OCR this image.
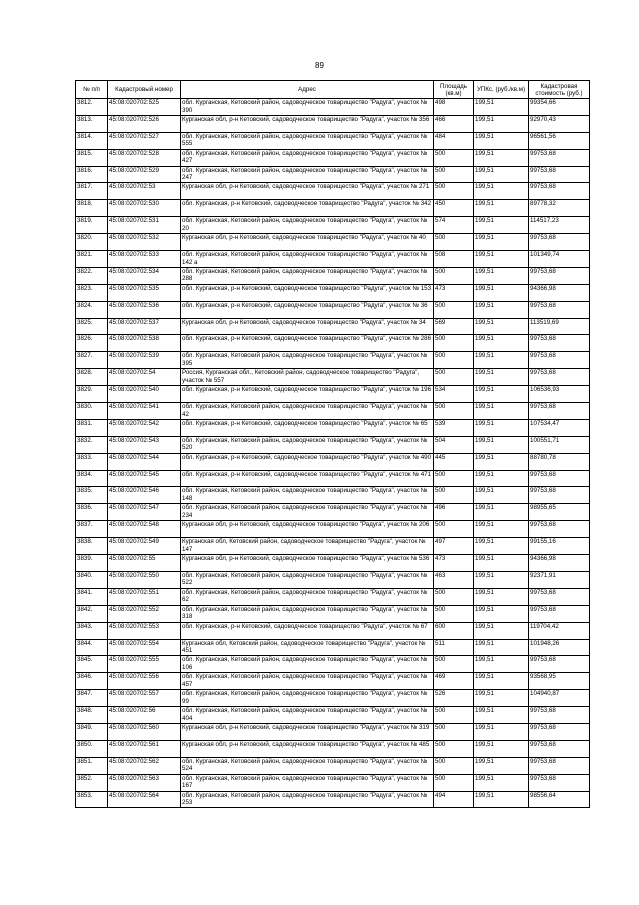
89
№ п/п	Кадастровый номер	Адрес	Площадь (кв.м)	УПКс. (руб./кв.м)	Кадастровая стоимость (руб.)
3812.	45:08:020702:525	обл. Курганская, Кетовский район, садоводческое товарищество "Радуга", участок № 390	498	199,51	99354,66
3813.	45:08:020702:526	Курганская обл, р-н Кетовский, садоводческое товарищество "Радуга", участок № 356	466	199,51	92970,43
3814.	45:08:020702:527	обл. Курганская, Кетовский район, садоводческое товарищество "Радуга", участок № 555	484	199,51	96561,56
3815.	45:08:020702:528	обл. Курганская, Кетовский район, садоводческое товарищество "Радуга", участок № 427	500	199,51	99753,68
3816.	45:08:020702:529	обл. Курганская, Кетовский район, садоводческое товарищество "Радуга", участок № 247	500	199,51	99753,68
3817.	45:08:020702:53	Курганская обл, р-н Кетовский, садоводческое товарищество "Радуга", участок № 271	500	199,51	99753,68
3818.	45:08:020702:530	обл. Курганская, р-н Кетовский, садоводческое товарищество "Радуга", участок № 342	450	199,51	89778,32
3819.	45:08:020702:531	обл. Курганская, Кетовский район, садоводческое товарищество "Радуга", участок № 20	574	199,51	114517,23
3820.	45:08:020702:532	Курганская обл, р-н Кетовский, садоводческое товарищество "Радуга", участок № 40	500	199,51	99753,68
3821.	45:08:020702:533	обл. Курганская, Кетовский район, садоводческое товарищество "Радуга", участок № 142 а	508	199,51	101349,74
3822.	45:08:020702:534	обл. Курганская, Кетовский район, садоводческое товарищество "Радуга", участок № 288	500	199,51	99753,68
3823.	45:08:020702:535	обл. Курганская, р-н Кетовский, садоводческое товарищество "Радуга", участок № 153	473	199,51	94366,98
3824.	45:08:020702:536	обл. Курганская, р-н Кетовский, садоводческое товарищество "Радуга", участок № 36	500	199,51	99753,68
3825.	45:08:020702:537	Курганская обл, р-н Кетовский, садоводческое товарищество "Радуга", участок № 34	569	199,51	113519,69
3826.	45:08:020702:538	обл. Курганская, р-н Кетовский, садоводческое товарищество "Радуга", участок № 286	500	199,51	99753,68
3827.	45:08:020702:539	обл. Курганская, Кетовский район, садоводческое товарищество "Радуга", участок № 395	500	199,51	99753,68
3828.	45:08:020702:54	Россия, Курганская обл., Кетовский район, садоводческое товарищество "Радуга", участок № 557	500	199,51	99753,68
3829.	45:08:020702:540	обл. Курганская, р-н Кетовский, садоводческое товарищество "Радуга", участок № 196	534	199,51	106536,93
3830.	45:08:020702:541	обл. Курганская, Кетовский район, садоводческое товарищество "Радуга", участок № 42	500	199,51	99753,68
3831.	45:08:020702:542	обл. Курганская, р-н Кетовский, садоводческое товарищество "Радуга", участок № 65	539	199,51	107534,47
3832.	45:08:020702:543	обл. Курганская, Кетовский район, садоводческое товарищество "Радуга", участок № 520	504	199,51	100551,71
3833.	45:08:020702:544	обл. Курганская, р-н Кетовский, садоводческое товарищество "Радуга", участок № 490	445	199,51	88780,78
3834.	45:08:020702:545	обл. Курганская, р-н Кетовский, садоводческое товарищество "Радуга", участок № 471	500	199,51	99753,68
3835.	45:08:020702:546	обл. Курганская, Кетовский район, садоводческое товарищество "Радуга", участок № 148	500	199,51	99753,68
3836.	45:08:020702:547	обл. Курганская, Кетовский район, садоводческое товарищество "Радуга", участок № 234	496	199,51	98955,65
3837.	45:08:020702:548	Курганская обл, р-н Кетовский, садоводческое товарищество "Радуга", участок № 206	500	199,51	99753,68
3838.	45:08:020702:549	Курганская обл, Кетовский район, садоводческое товарищество "Радуга", участок № 147	497	199,51	99155,16
3839.	45:08:020702:55	Курганская обл, р-н Кетовский, садоводческое товарищество "Радуга", участок № 536	473	199,51	94366,98
3840.	45:08:020702:550	обл. Курганская, Кетовский район, садоводческое товарищество "Радуга", участок № 522	463	199,51	92371,91
3841.	45:08:020702:551	обл. Курганская, Кетовский район, садоводческое товарищество "Радуга", участок № 62	500	199,51	99753,68
3842.	45:08:020702:552	обл. Курганская, Кетовский район, садоводческое товарищество "Радуга", участок № 318	500	199,51	99753,68
3843.	45:08:020702:553	обл. Курганская, р-н Кетовский, садоводческое товарищество "Радуга", участок № 67	600	199,51	119704,42
3844.	45:08:020702:554	Курганская обл, Кетовский район, садоводческое товарищество "Радуга", участок № 451	511	199,51	101948,26
3845.	45:08:020702:555	обл. Курганская, Кетовский район, садоводческое товарищество "Радуга", участок № 106	500	199,51	99753,68
3846.	45:08:020702:556	обл. Курганская, Кетовский район, садоводческое товарищество "Радуга", участок № 457	469	199,51	93568,95
3847.	45:08:020702:557	обл. Курганская, Кетовский район, садоводческое товарищество "Радуга", участок № 99	526	199,51	104940,87
3848.	45:08:020702:56	обл. Курганская, Кетовский район, садоводческое товарищество "Радуга", участок № 404	500	199,51	99753,68
3849.	45:08:020702:560	Курганская обл, р-н Кетовский, садоводческое товарищество "Радуга", участок № 319	500	199,51	99753,68
3850.	45:08:020702:561	Курганская обл, р-н Кетовский, садоводческое товарищество "Радуга", участок № 485	500	199,51	99753,68
3851.	45:08:020702:562	обл. Курганская, Кетовский район, садоводческое товарищество "Радуга", участок № 524	500	199,51	99753,68
3852.	45:08:020702:563	обл. Курганская, Кетовский район, садоводческое товарищество "Радуга", участок № 167	500	199,51	99753,68
3853.	45:08:020702:564	обл. Курганская, Кетовский район, садоводческое товарищество "Радуга", участок № 253	494	199,51	98556,64
